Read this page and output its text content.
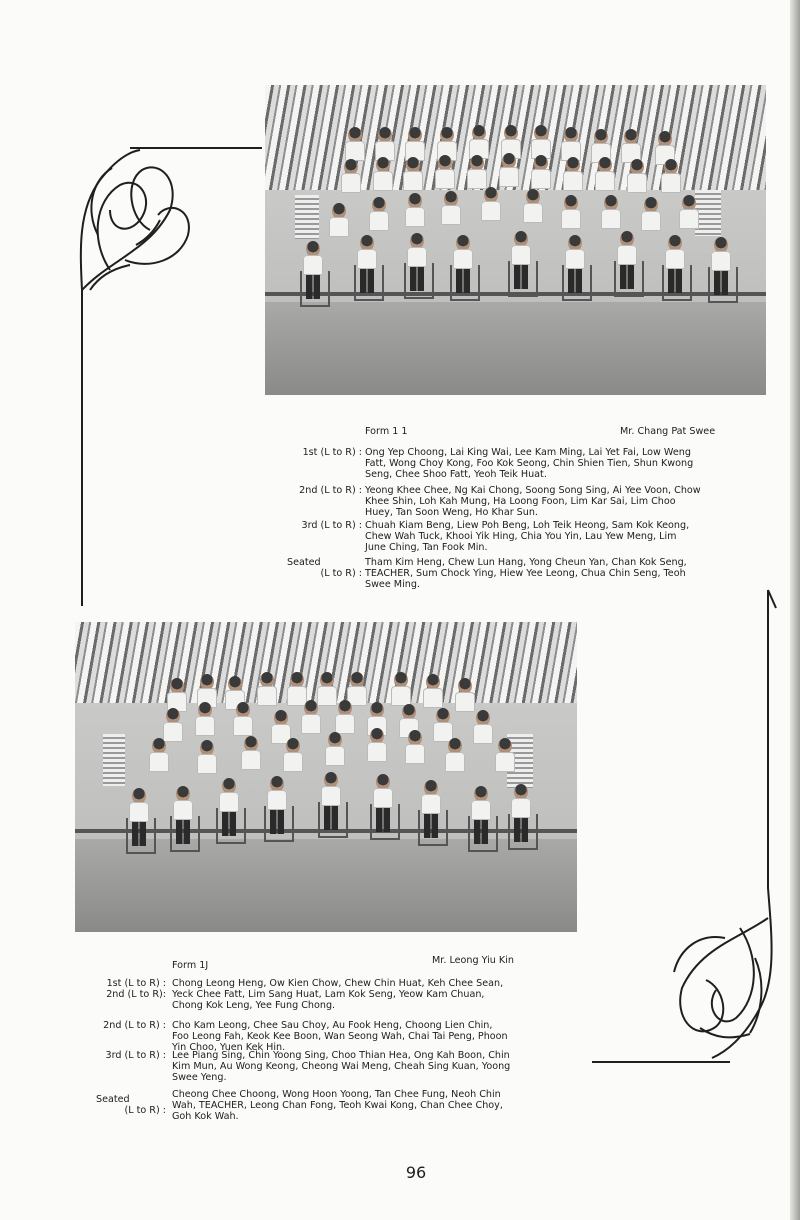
Form 1 1	Mr. Chang Pat Swee
1st (L to R) : Ong Yep Choong, Lai King Wai, Lee Kam Ming, Lai Yet Fai, Low Weng
Fatt, Wong Choy Kong, Foo Kok Seong, Chin Shien Tien, Shun Kwong
Seng, Chee Shoo Fatt, Yeoh Teik Huat.
2nd (L to R) : Yeong Khee Chee, Ng Kai Chong, Soong Song Sing, Ai Yee Voon, Chow
Khee Shin, Loh Kah Mung, Ha Loong Foon, Lim Kar Sai, Lim Choo
Huey, Tan Soon Weng, Ho Khar Sun.
3rd (L to R) : Chuah Kiam Beng, Liew Poh Beng, Loh Teik Heong, Sam Kok Keong,
Chew Wah Tuck, Khooi Yik Hing, Chia You Yin, Lau Yew Meng, Lim
June Ching, Tan Fook Min.
Seated
(L to R) :
Tham Kim Heng, Chew Lun Hang, Yong Cheun Yan, Chan Kok Seng,
TEACHER, Sum Chock Ying, Hiew Yee Leong, Chua Chin Seng, Teoh
Swee Ming.
Form 1J	Mr. Leong Yiu Kin
1st (L to R) :
2nd (L to R):
Chong Leong Heng, Ow Kien Chow, Chew Chin Huat, Keh Chee Sean,
Yeck Chee Fatt, Lim Sang Huat, Lam Kok Seng, Yeow Kam Chuan,
Chong Kok Leng, Yee Fung Chong.
2nd (L to R) : Cho Kam Leong, Chee Sau Choy, Au Fook Heng, Choong Lien Chin,
Foo Leong Fah, Keok Kee Boon, Wan Seong Wah, Chai Tai Peng, Phoon
Yin Choo, Yuen Kek Hin.
3rd (L to R) : Lee Piang Sing, Chin Yoong Sing, Choo Thian Hea, Ong Kah Boon, Chin
Kim Mun, Au Wong Keong, Cheong Wai Meng, Cheah Sing Kuan, Yoong
Swee Yeng.
Seated
(L to R) :
Cheong Chee Choong, Wong Hoon Yoong, Tan Chee Fung, Neoh Chin
Wah, TEACHER, Leong Chan Fong, Teoh Kwai Kong, Chan Chee Choy,
Goh Kok Wah.
96
